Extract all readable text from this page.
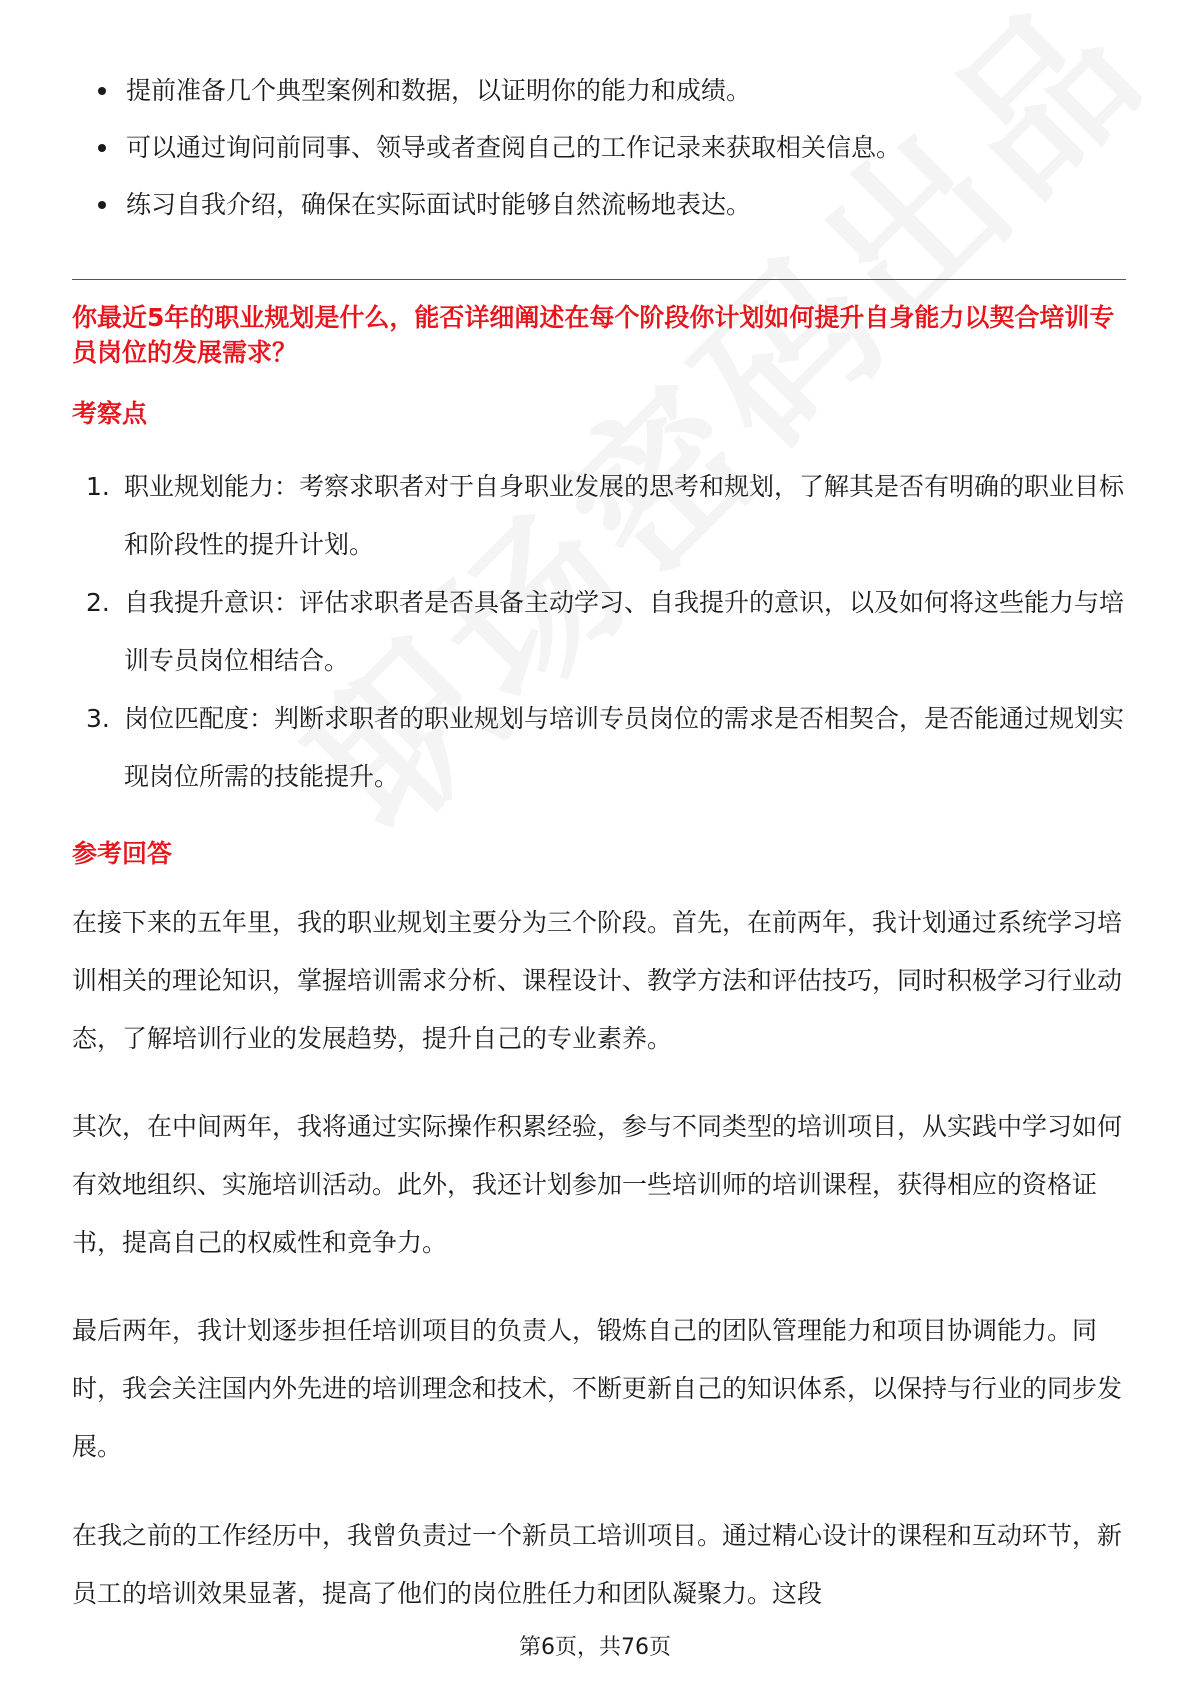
提前准备几个典型案例和数据，以证明你的能力和成绩。
可以通过询问前同事、领导或者查阅自己的工作记录来获取相关信息。
练习自我介绍，确保在实际面试时能够自然流畅地表达。
你最近5年的职业规划是什么，能否详细阐述在每个阶段你计划如何提升自身能力以契合培训专员岗位的发展需求？
考察点
1. 职业规划能力：考察求职者对于自身职业发展的思考和规划，了解其是否有明确的职业目标和阶段性的提升计划。
2. 自我提升意识：评估求职者是否具备主动学习、自我提升的意识，以及如何将这些能力与培训专员岗位相结合。
3. 岗位匹配度：判断求职者的职业规划与培训专员岗位的需求是否相契合，是否能通过规划实现岗位所需的技能提升。
参考回答

在接下来的五年里，我的职业规划主要分为三个阶段。首先，在前两年，我计划通过系统学习培训相关的理论知识，掌握培训需求分析、课程设计、教学方法和评估技巧，同时积极学习行业动态，了解培训行业的发展趋势，提升自己的专业素养。

其次，在中间两年，我将通过实际操作积累经验，参与不同类型的培训项目，从实践中学习如何有效地组织、实施培训活动。此外，我还计划参加一些培训师的培训课程，获得相应的资格证书，提高自己的权威性和竞争力。

最后两年，我计划逐步担任培训项目的负责人，锻炼自己的团队管理能力和项目协调能力。同时，我会关注国内外先进的培训理念和技术，不断更新自己的知识体系，以保持与行业的同步发展。

在我之前的工作经历中，我曾负责过一个新员工培训项目。通过精心设计的课程和互动环节，新员工的培训效果显著，提高了他们的岗位胜任力和团队凝聚力。这段

第6页，共76页
